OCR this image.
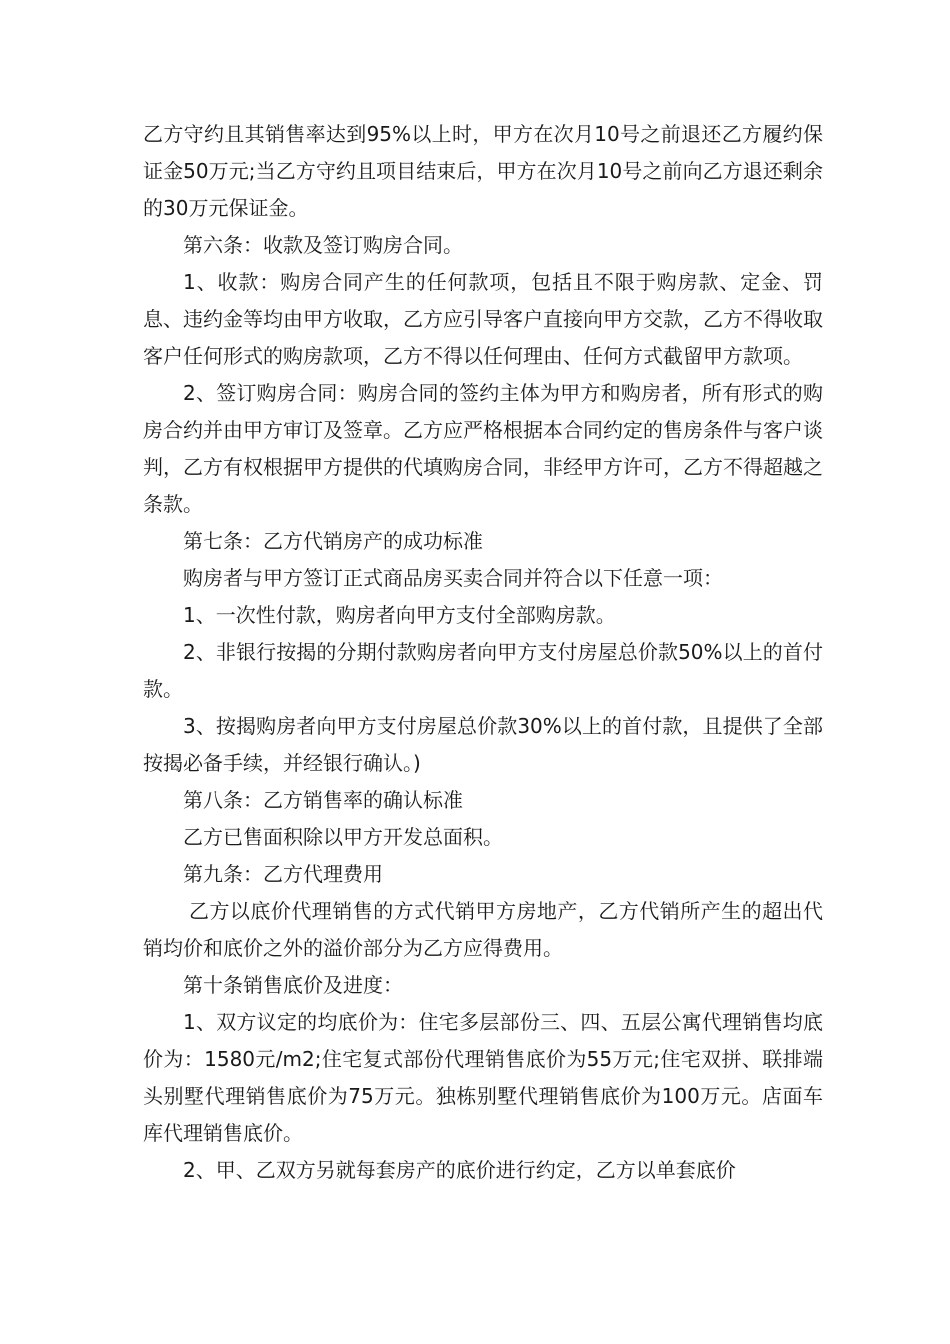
乙方守约且其销售率达到95%以上时，甲方在次月10号之前退还乙方履约保证金50万元;当乙方守约且项目结束后，甲方在次月10号之前向乙方退还剩余的30万元保证金。

第六条：收款及签订购房合同。

1、收款：购房合同产生的任何款项，包括且不限于购房款、定金、罚息、违约金等均由甲方收取，乙方应引导客户直接向甲方交款，乙方不得收取客户任何形式的购房款项，乙方不得以任何理由、任何方式截留甲方款项。

2、签订购房合同：购房合同的签约主体为甲方和购房者，所有形式的购房合约并由甲方审订及签章。乙方应严格根据本合同约定的售房条件与客户谈判，乙方有权根据甲方提供的代填购房合同，非经甲方许可，乙方不得超越之条款。

第七条：乙方代销房产的成功标准

购房者与甲方签订正式商品房买卖合同并符合以下任意一项：

1、一次性付款，购房者向甲方支付全部购房款。

2、非银行按揭的分期付款购房者向甲方支付房屋总价款50%以上的首付款。

3、按揭购房者向甲方支付房屋总价款30%以上的首付款，且提供了全部按揭必备手续，并经银行确认。)

第八条：乙方销售率的确认标准

乙方已售面积除以甲方开发总面积。

第九条：乙方代理费用

乙方以底价代理销售的方式代销甲方房地产，乙方代销所产生的超出代销均价和底价之外的溢价部分为乙方应得费用。

第十条销售底价及进度：

1、双方议定的均底价为：住宅多层部份三、四、五层公寓代理销售均底价为：1580元/m2;住宅复式部份代理销售底价为55万元;住宅双拼、联排端头别墅代理销售底价为75万元。独栋别墅代理销售底价为100万元。店面车库代理销售底价。

2、甲、乙双方另就每套房产的底价进行约定，乙方以单套底价
